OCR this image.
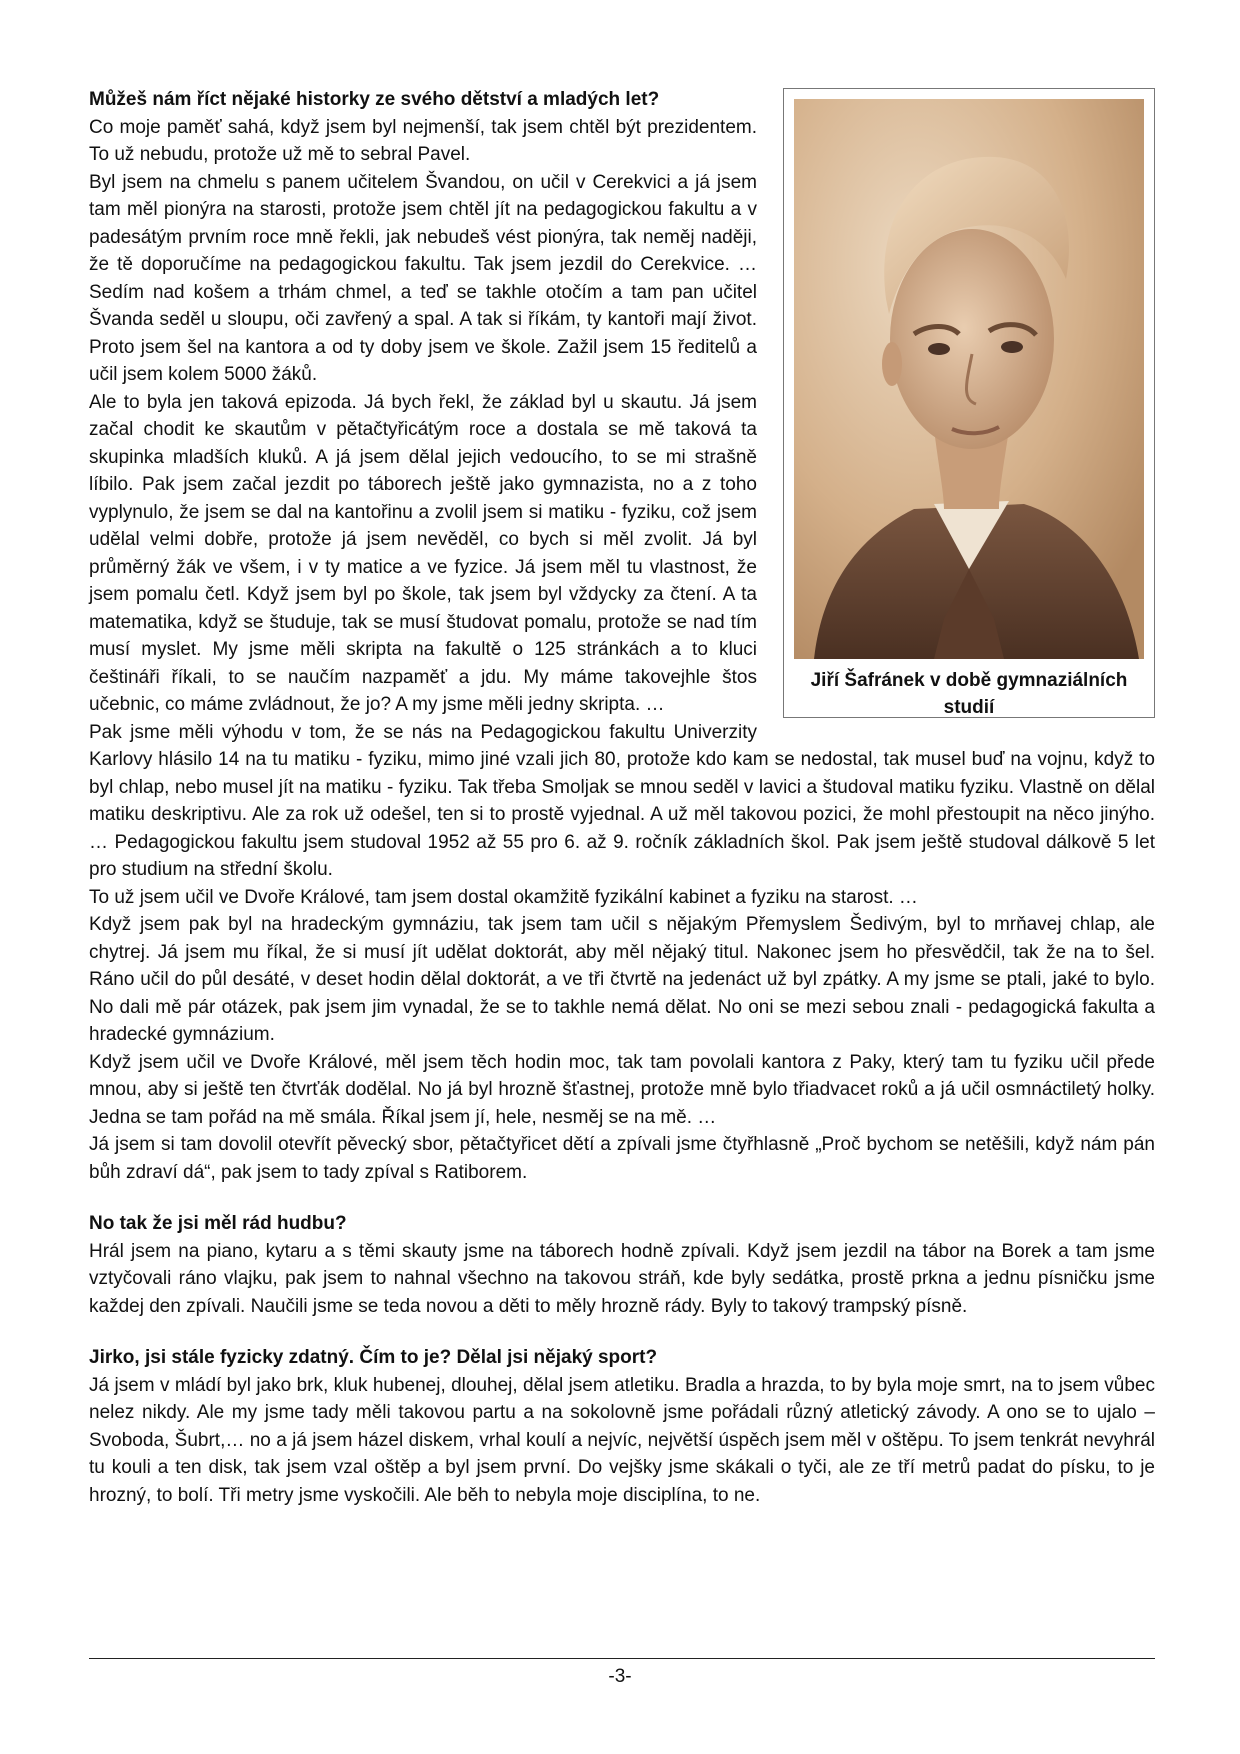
Jiří Šafránek v době gymnaziálních studií

Můžeš nám říct nějaké historky ze svého dětství a mladých let?

Co moje paměť sahá, když jsem byl nejmenší, tak jsem chtěl být prezidentem. To už nebudu, protože už mě to sebral Pavel.

Byl jsem na chmelu s panem učitelem Švandou, on učil v Cerekvici a já jsem tam měl pionýra na starosti, protože jsem chtěl jít na pedagogickou fakultu a v padesátým prvním roce mně řekli, jak nebudeš vést pionýra, tak neměj naději, že tě doporučíme na pedagogickou fakultu. Tak jsem jezdil do Cerekvice. … Sedím nad košem a trhám chmel, a teď se takhle otočím a tam pan učitel Švanda seděl u sloupu, oči zavřený a spal. A tak si říkám, ty kantoři mají život. Proto jsem šel na kantora a od ty doby jsem ve škole. Zažil jsem 15 ředitelů a učil jsem kolem 5000 žáků.

Ale to byla jen taková epizoda. Já bych řekl, že základ byl u skautu. Já jsem začal chodit ke skautům v pětačtyřicátým roce a dostala se mě taková ta skupinka mladších kluků. A já jsem dělal jejich vedoucího, to se mi strašně líbilo. Pak jsem začal jezdit po táborech ještě jako gymnazista, no a z toho vyplynulo, že jsem se dal na kantořinu a zvolil jsem si matiku - fyziku, což jsem udělal velmi dobře, protože já jsem nevěděl, co bych si měl zvolit. Já byl průměrný žák ve všem, i v ty matice a ve fyzice. Já jsem měl tu vlastnost, že jsem pomalu četl. Když jsem byl po škole, tak jsem byl vždycky za čtení. A ta matematika, když se študuje, tak se musí študovat pomalu, protože se nad tím musí myslet. My jsme měli skripta na fakultě o 125 stránkách a to kluci češtináři říkali, to se naučím nazpaměť a jdu. My máme takovejhle štos učebnic, co máme zvládnout, že jo? A my jsme měli jedny skripta. …

Pak jsme měli výhodu v tom, že se nás na Pedagogickou fakultu Univerzity Karlovy hlásilo 14 na tu matiku - fyziku, mimo jiné vzali jich 80, protože kdo kam se nedostal, tak musel buď na vojnu, když to byl chlap, nebo musel jít na matiku - fyziku. Tak třeba Smoljak se mnou seděl v lavici a študoval matiku fyziku. Vlastně on dělal matiku deskriptivu. Ale za rok už odešel, ten si to prostě vyjednal. A už měl takovou pozici, že mohl přestoupit na něco jinýho. … Pedagogickou fakultu jsem studoval 1952 až 55 pro 6. až 9. ročník základních škol. Pak jsem ještě studoval dálkově 5 let pro studium na střední školu.

To už jsem učil ve Dvoře Králové, tam jsem dostal okamžitě fyzikální kabinet a fyziku na starost. …

Když jsem pak byl na hradeckým gymnáziu, tak jsem tam učil s nějakým Přemyslem Šedivým, byl to mrňavej chlap, ale chytrej. Já jsem mu říkal, že si musí jít udělat doktorát, aby měl nějaký titul. Nakonec jsem ho přesvědčil, tak že na to šel. Ráno učil do půl desáté, v deset hodin dělal doktorát, a ve tři čtvrtě na jedenáct už byl zpátky. A my jsme se ptali, jaké to bylo. No dali mě pár otázek, pak jsem jim vynadal, že se to takhle nemá dělat. No oni se mezi sebou znali - pedagogická fakulta a hradecké gymnázium.

Když jsem učil ve Dvoře Králové, měl jsem těch hodin moc, tak tam povolali kantora z Paky, který tam tu fyziku učil přede mnou, aby si ještě ten čtvrťák dodělal. No já byl hrozně šťastnej, protože mně bylo třiadvacet roků a já učil osmnáctiletý holky. Jedna se tam pořád na mě smála. Říkal jsem jí, hele, nesměj se na mě. …

Já jsem si tam dovolil otevřít pěvecký sbor, pětačtyřicet dětí a zpívali jsme čtyřhlasně „Proč bychom se netěšili, když nám pán bůh zdraví dá“, pak jsem to tady zpíval s Ratiborem.

No tak že jsi měl rád hudbu?

Hrál jsem na piano, kytaru a s těmi skauty jsme na táborech hodně zpívali. Když jsem jezdil na tábor na Borek a tam jsme vztyčovali ráno vlajku, pak jsem to nahnal všechno na takovou stráň, kde byly sedátka, prostě prkna a jednu písničku jsme každej den zpívali. Naučili jsme se teda novou a děti to měly hrozně rády. Byly to takový trampský písně.

Jirko, jsi stále fyzicky zdatný. Čím to je? Dělal jsi nějaký sport?

Já jsem v mládí byl jako brk, kluk hubenej, dlouhej, dělal jsem atletiku. Bradla a hrazda, to by byla moje smrt, na to jsem vůbec nelez nikdy. Ale my jsme tady měli takovou partu a na sokolovně jsme pořádali různý atletický závody. A ono se to ujalo – Svoboda, Šubrt,… no a já jsem házel diskem, vrhal koulí a nejvíc, největší úspěch jsem měl v oštěpu. To jsem tenkrát nevyhrál tu kouli a ten disk, tak jsem vzal oštěp a byl jsem první. Do vejšky jsme skákali o tyči, ale ze tří metrů padat do písku, to je hrozný, to bolí. Tři metry jsme vyskočili. Ale běh to nebyla moje disciplína, to ne.

-3-
